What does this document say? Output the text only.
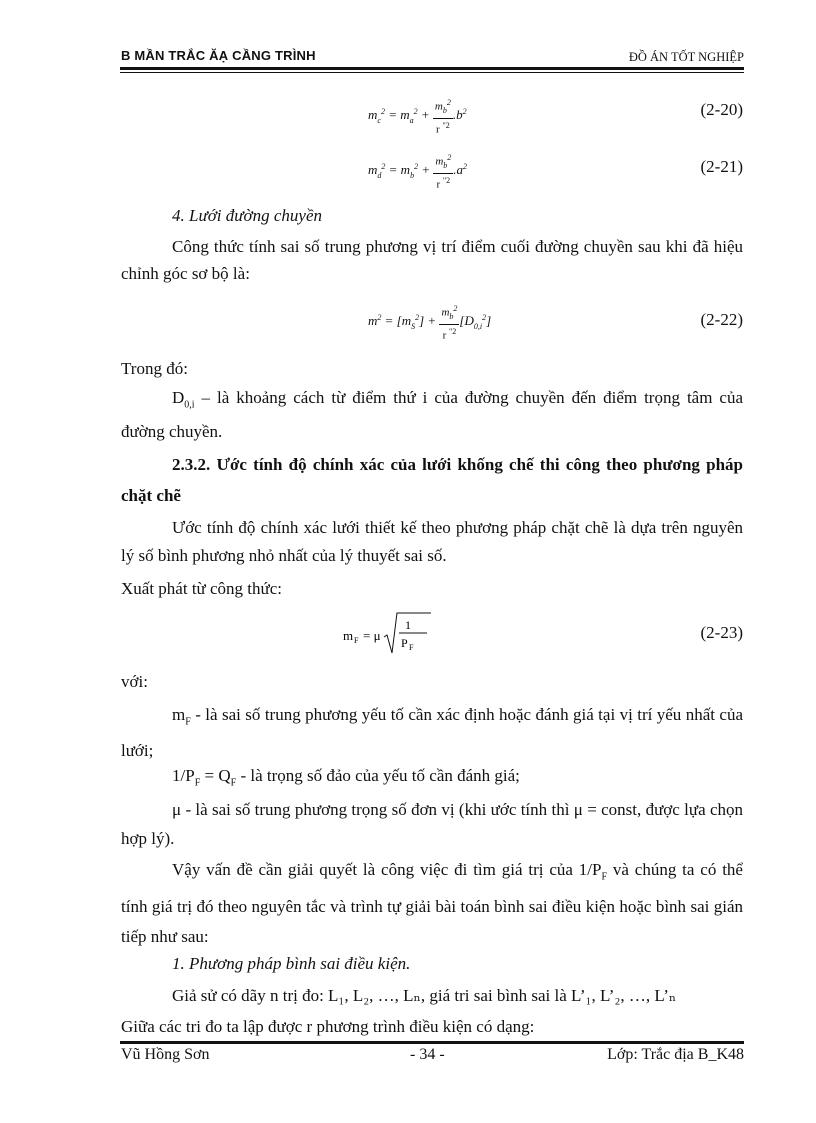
B MẦN TRẮC ĂẠ CẦNG TRÌNH	ĐỒ ÁN TỐT NGHIỆP
$m_c^2 = m_a^2 + \frac{m_b^2}{r ^{"2}} .b^2$	(2-20)
$m_d^2 = m_b^2 + \frac{m_b^2}{r ^{"2}} .a^2$	(2-21)
4. Lưới đường chuyền
Công thức tính sai số trung phương vị trí điểm cuối đường chuyền sau khi đã hiệu chỉnh góc sơ bộ là:
$m^2 = [m_S^2] + \frac{m_b^2}{r ^{"2}} [D_{0,i}^2]$	(2-22)
Trong đó:
$D_{0,i}$ – là khoảng cách từ điểm thứ i của đường chuyền đến điểm trọng tâm của đường chuyền.
2.3.2. Ước tính độ chính xác của lưới khống chế thi công theo phương pháp chặt chẽ
Ước tính độ chính xác lưới thiết kế theo phương pháp chặt chẽ là dựa trên nguyên lý số bình phương nhỏ nhất của lý thuyết sai số.
Xuất phát từ công thức:
m F = μ
1
P F
(2-23)
với:
$m_F$ - là sai số trung phương yếu tố cần xác định hoặc đánh giá tại vị trí yếu nhất của lưới;
$1/P_F = Q_F$ - là trọng số đảo của yếu tố cần đánh giá;
μ - là sai số trung phương trọng số đơn vị (khi ước tính thì μ = const, được lựa chọn hợp lý).
Vậy vấn đề cần giải quyết là công việc đi tìm giá trị của $1/P_F$ và chúng ta có thể tính giá trị đó theo nguyên tắc và trình tự giải bài toán bình sai điều kiện hoặc bình sai gián tiếp như sau:
1. Phương pháp bình sai điều kiện.
Giả sử có dãy n trị đo: L₁, L₂, …, Lₙ, giá tri sai bình sai là L’₁, L’₂, …, L’ₙ
Giữa các tri đo ta lập được r phương trình điều kiện có dạng:
Vũ Hồng Sơn	- 34 -	Lớp: Trắc địa B_K48
